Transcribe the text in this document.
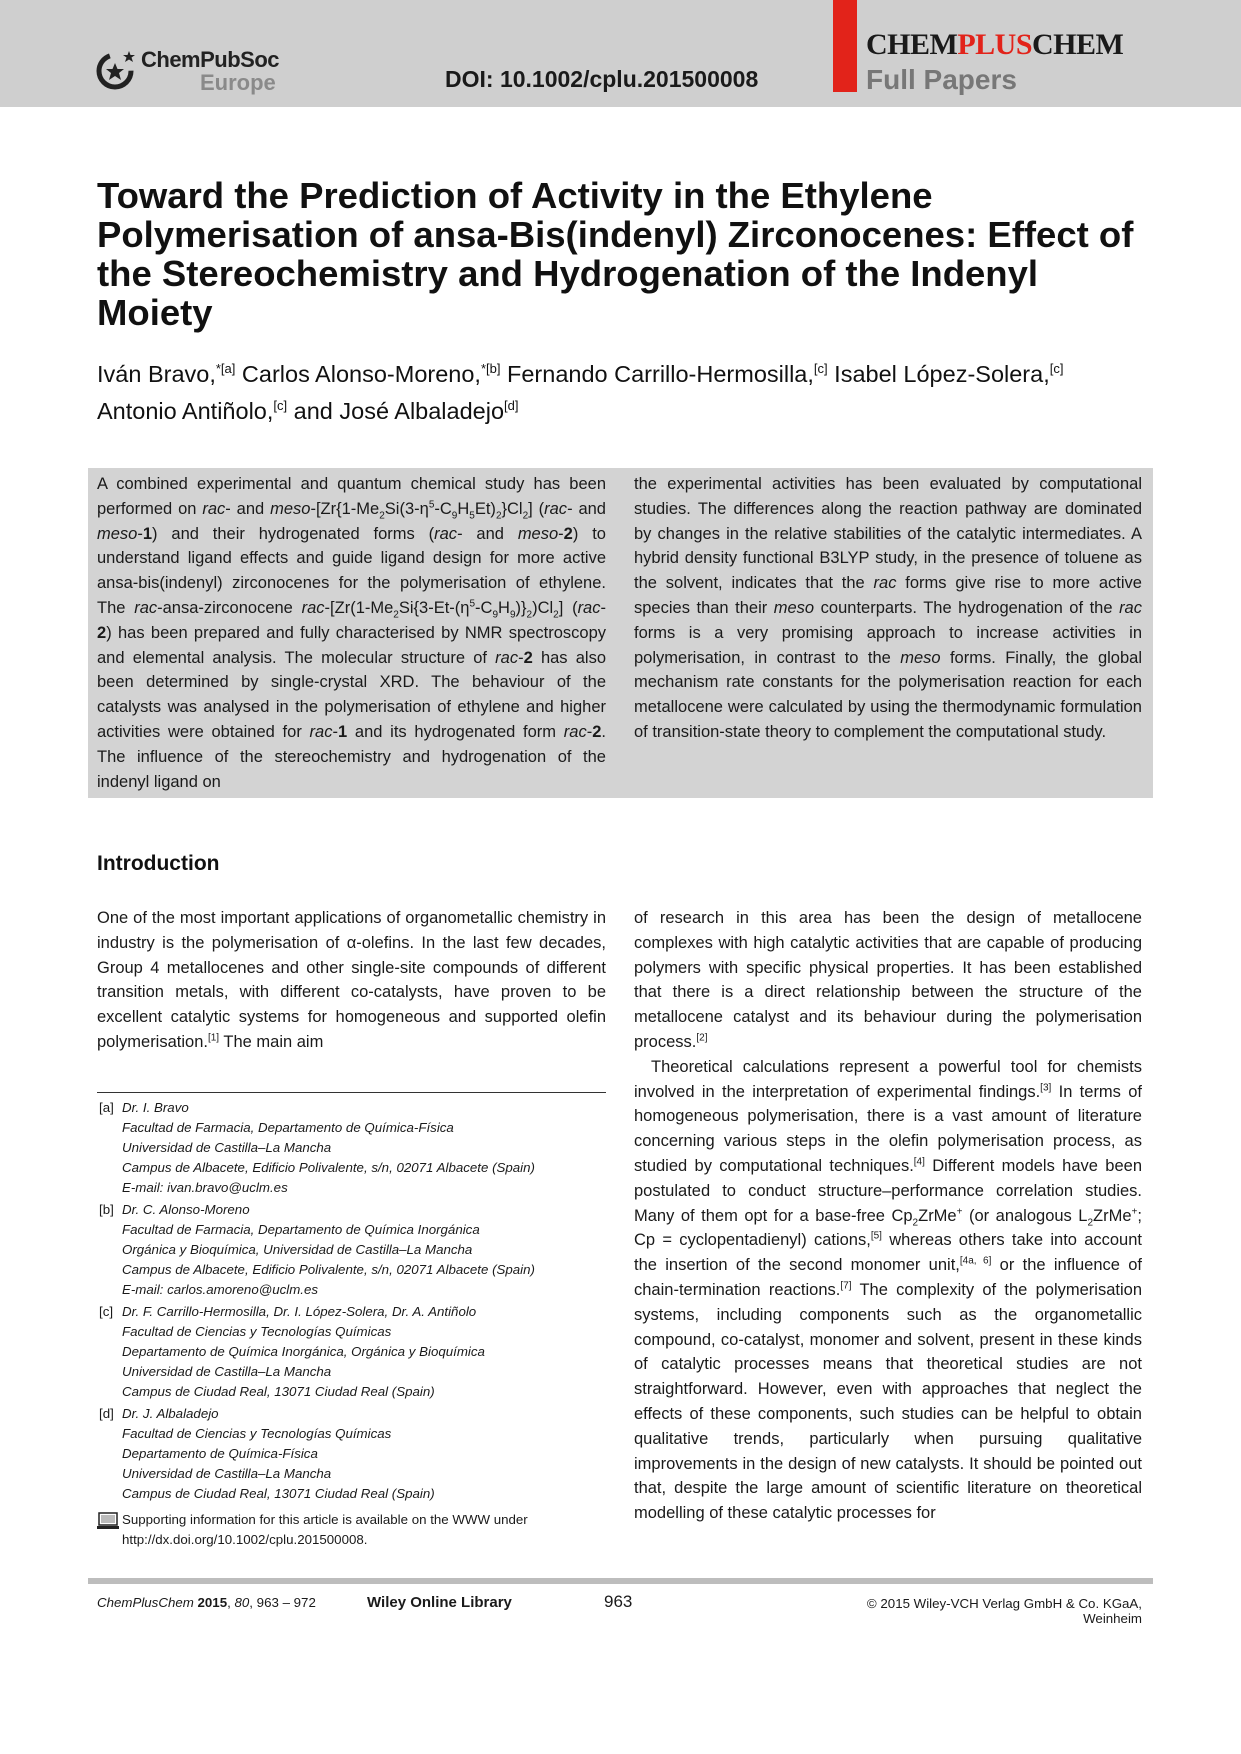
ChemPubSoc
Europe	DOI: 10.1002/cplu.201500008
CHEMPLUSCHEM
Full Papers
Toward the Prediction of Activity in the Ethylene Polymerisation of ansa-Bis(indenyl) Zirconocenes: Effect of the Stereochemistry and Hydrogenation of the Indenyl Moiety
Iván Bravo,$^{*[a]}$ Carlos Alonso-Moreno,$^{*[b]}$ Fernando Carrillo-Hermosilla,[c] Isabel López-Solera,[c]
Antonio Antiñolo,[c] and José Albaladejo[d]
A combined experimental and quantum chemical study has been performed on rac- and meso-$[Zr\{1-Me_2Si(3-\eta^5-C_9H_5Et)_2\}Cl_2]$ (rac- and meso-1) and their hydrogenated forms (rac- and meso-2) to understand ligand effects and guide ligand design for more active ansa-bis(indenyl) zirconocenes for the polymerisation of ethylene. The rac-ansa-zirconocene rac-$[Zr(1-Me_2Si\{3-Et-(\eta^5-C_9H_9)\}_2)Cl_2]$ (rac-2) has been prepared and fully characterised by NMR spectroscopy and elemental analysis. The molecular structure of rac-2 has also been determined by single-crystal XRD. The behaviour of the catalysts was analysed in the polymerisation of ethylene and higher activities were obtained for rac-1 and its hydrogenated form rac-2. The influence of the stereochemistry and hydrogenation of the indenyl ligand on
the experimental activities has been evaluated by computational studies. The differences along the reaction pathway are dominated by changes in the relative stabilities of the catalytic intermediates. A hybrid density functional B3LYP study, in the presence of toluene as the solvent, indicates that the rac forms give rise to more active species than their meso counterparts. The hydrogenation of the rac forms is a very promising approach to increase activities in polymerisation, in contrast to the meso forms. Finally, the global mechanism rate constants for the polymerisation reaction for each metallocene were calculated by using the thermodynamic formulation of transition-state theory to complement the computational study.
Introduction
One of the most important applications of organometallic chemistry in industry is the polymerisation of α-olefins. In the last few decades, Group 4 metallocenes and other single-site compounds of different transition metals, with different co-catalysts, have proven to be excellent catalytic systems for homogeneous and supported olefin polymerisation.[1] The main aim
of research in this area has been the design of metallocene complexes with high catalytic activities that are capable of producing polymers with specific physical properties. It has been established that there is a direct relationship between the structure of the metallocene catalyst and its behaviour during the polymerisation process.[2]
Theoretical calculations represent a powerful tool for chemists involved in the interpretation of experimental findings.[3] In terms of homogeneous polymerisation, there is a vast amount of literature concerning various steps in the olefin polymerisation process, as studied by computational techniques.[4] Different models have been postulated to conduct structure–performance correlation studies. Many of them opt for a base-free $Cp_2ZrMe^+$ (or analogous $L_2ZrMe^+$; Cp = cyclopentadienyl) cations,[5] whereas others take into account the insertion of the second monomer unit,[4a, 6] or the influence of chain-termination reactions.[7] The complexity of the polymerisation systems, including components such as the organometallic compound, co-catalyst, monomer and solvent, present in these kinds of catalytic processes means that theoretical studies are not straightforward. However, even with approaches that neglect the effects of these components, such studies can be helpful to obtain qualitative trends, particularly when pursuing qualitative improvements in the design of new catalysts. It should be pointed out that, despite the large amount of scientific literature on theoretical modelling of these catalytic processes for
[a] Dr. I. Bravo
Facultad de Farmacia, Departamento de Química-Física
Universidad de Castilla–La Mancha
Campus de Albacete, Edificio Polivalente, s/n, 02071 Albacete (Spain)
E-mail: ivan.bravo@uclm.es
[b] Dr. C. Alonso-Moreno
Facultad de Farmacia, Departamento de Química Inorgánica
Orgánica y Bioquímica, Universidad de Castilla–La Mancha
Campus de Albacete, Edificio Polivalente, s/n, 02071 Albacete (Spain)
E-mail: carlos.amoreno@uclm.es
[c] Dr. F. Carrillo-Hermosilla, Dr. I. López-Solera, Dr. A. Antiñolo
Facultad de Ciencias y Tecnologías Químicas
Departamento de Química Inorgánica, Orgánica y Bioquímica
Universidad de Castilla–La Mancha
Campus de Ciudad Real, 13071 Ciudad Real (Spain)
[d] Dr. J. Albaladejo
Facultad de Ciencias y Tecnologías Químicas
Departamento de Química-Física
Universidad de Castilla–La Mancha
Campus de Ciudad Real, 13071 Ciudad Real (Spain)
Supporting information for this article is available on the WWW under http://dx.doi.org/10.1002/cplu.201500008.
ChemPlusChem 2015, 80, 963 – 972	Wiley Online Library	963	© 2015 Wiley-VCH Verlag GmbH & Co. KGaA, Weinheim
